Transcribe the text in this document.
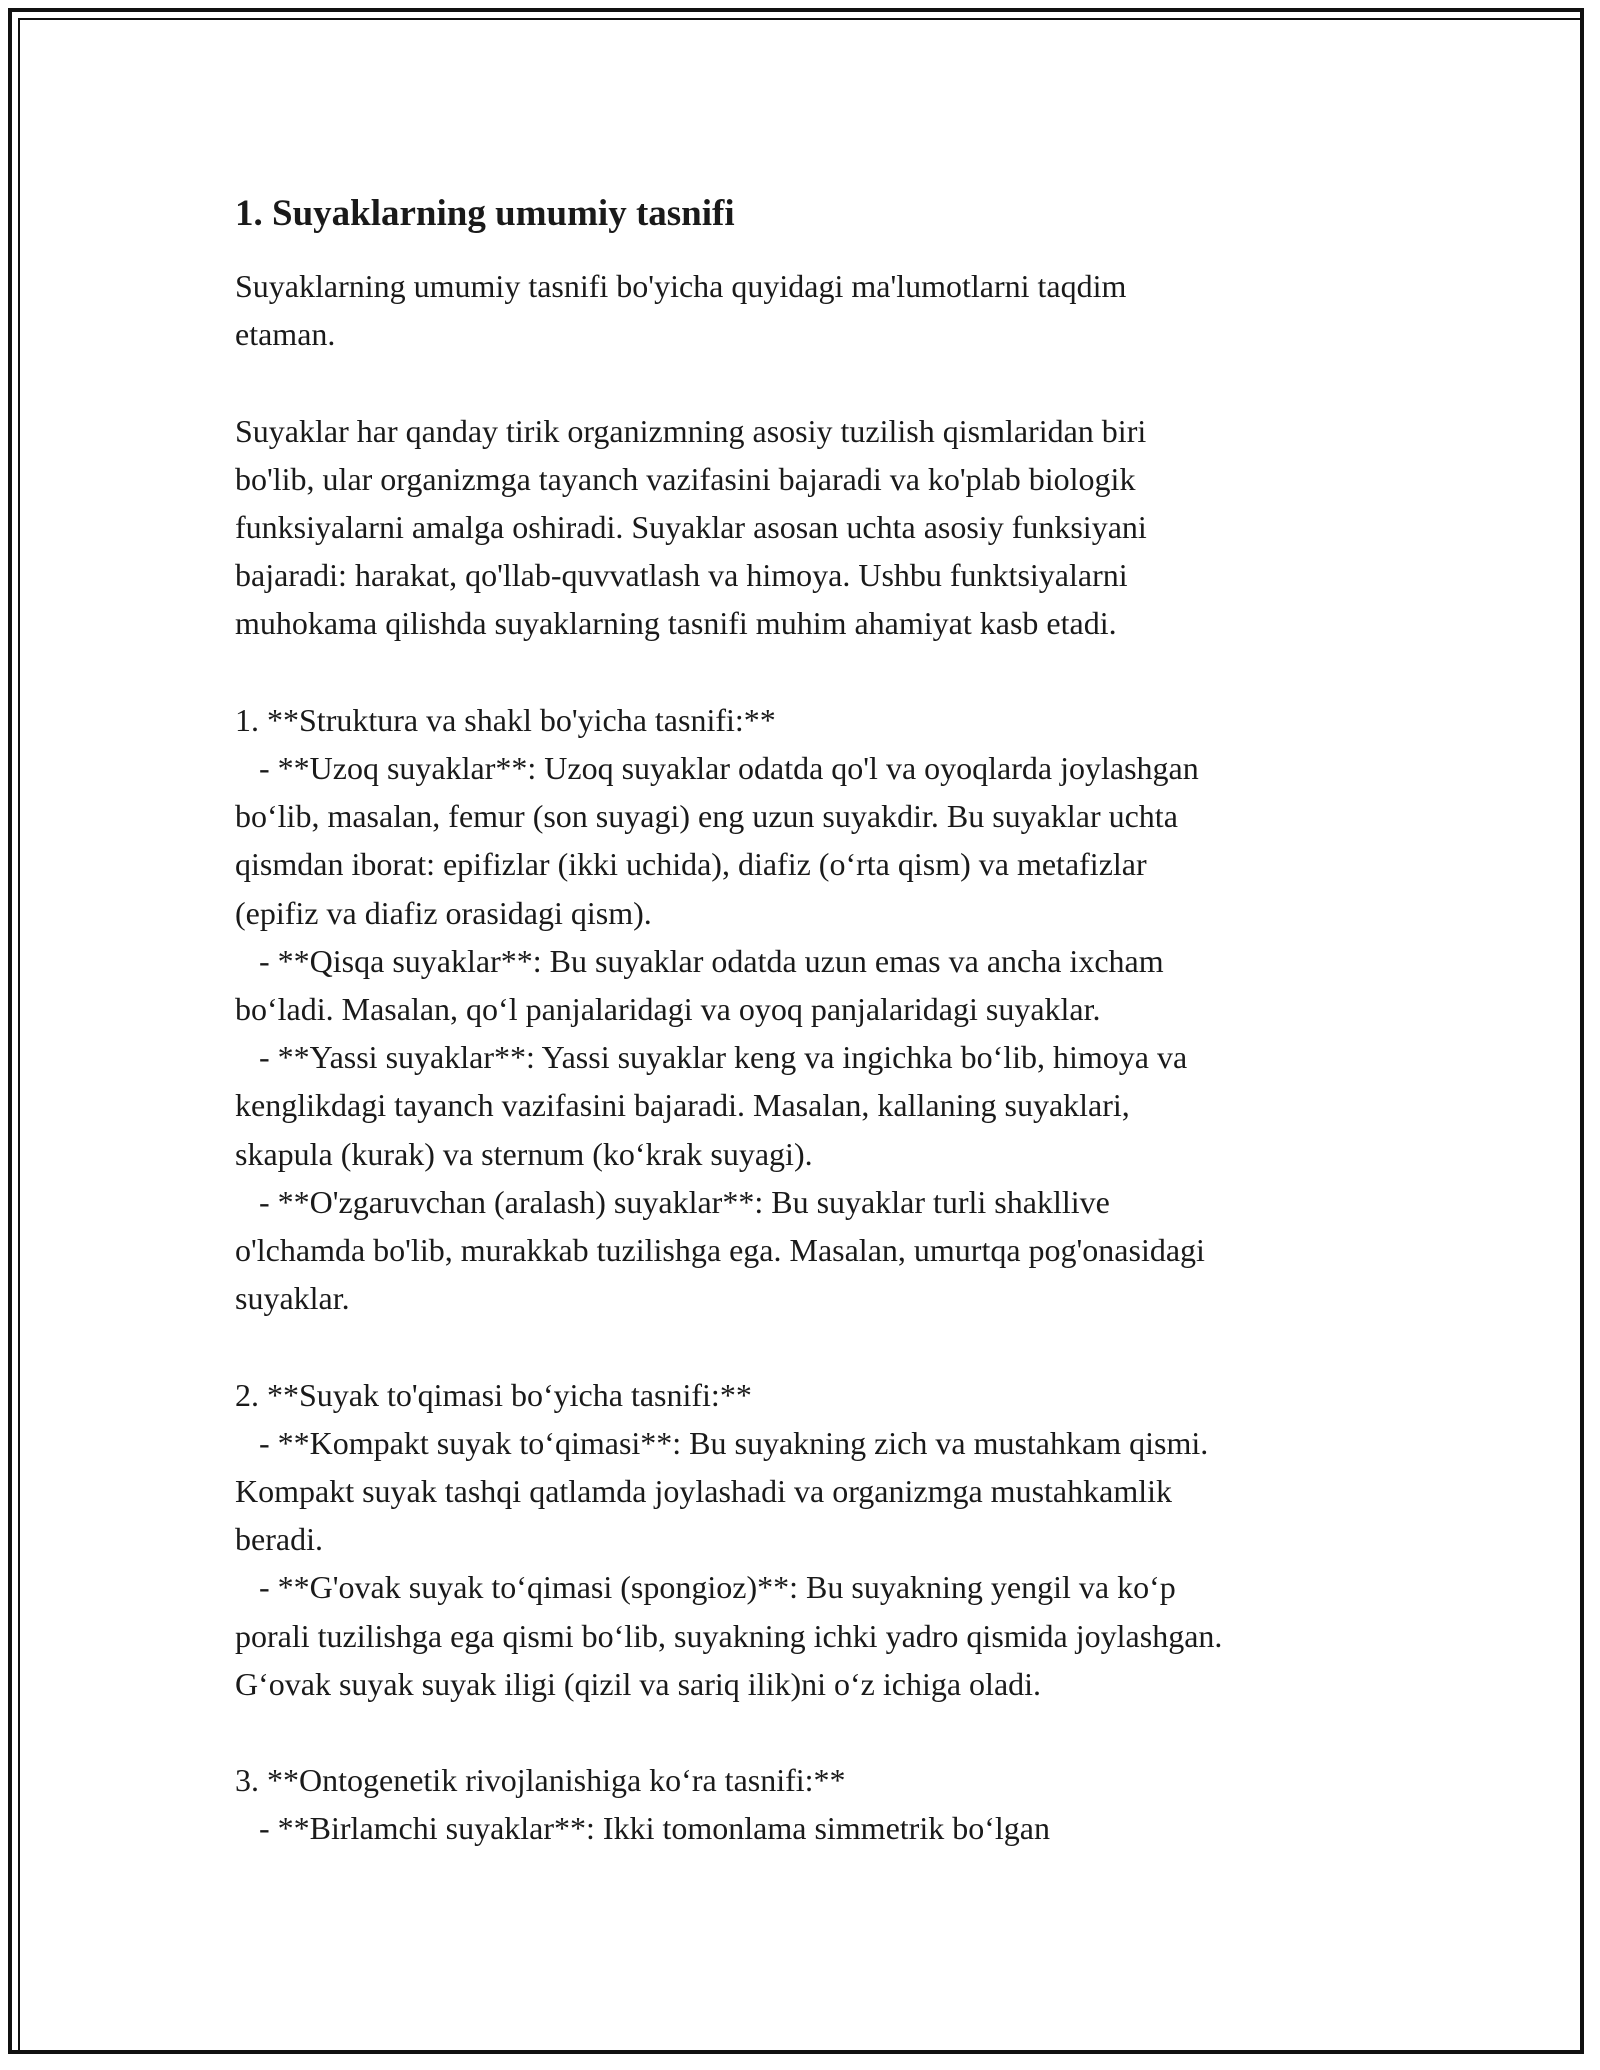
1. Suyaklarning umumiy tasnifi
Suyaklarning umumiy tasnifi bo'yicha quyidagi ma'lumotlarni taqdim
etaman.
Suyaklar har qanday tirik organizmning asosiy tuzilish qismlaridan biri
bo'lib, ular organizmga tayanch vazifasini bajaradi va ko'plab biologik
funksiyalarni amalga oshiradi. Suyaklar asosan uchta asosiy funksiyani
bajaradi: harakat, qo'llab-quvvatlash va himoya. Ushbu funktsiyalarni
muhokama qilishda suyaklarning tasnifi muhim ahamiyat kasb etadi.
1. **Struktura va shakl bo'yicha tasnifi:**
- **Uzoq suyaklar**: Uzoq suyaklar odatda qo'l va oyoqlarda joylashgan
bo‘lib, masalan, femur (son suyagi) eng uzun suyakdir. Bu suyaklar uchta
qismdan iborat: epifizlar (ikki uchida), diafiz (o‘rta qism) va metafizlar
(epifiz va diafiz orasidagi qism).
- **Qisqa suyaklar**: Bu suyaklar odatda uzun emas va ancha ixcham
bo‘ladi. Masalan, qo‘l panjalaridagi va oyoq panjalaridagi suyaklar.
- **Yassi suyaklar**: Yassi suyaklar keng va ingichka bo‘lib, himoya va
kenglikdagi tayanch vazifasini bajaradi. Masalan, kallaning suyaklari,
skapula (kurak) va sternum (ko‘krak suyagi).
- **O'zgaruvchan (aralash) suyaklar**: Bu suyaklar turli shakllive
o'lchamda bo'lib, murakkab tuzilishga ega. Masalan, umurtqa pog'onasidagi
suyaklar.
2. **Suyak to'qimasi bo‘yicha tasnifi:**
- **Kompakt suyak to‘qimasi**: Bu suyakning zich va mustahkam qismi.
Kompakt suyak tashqi qatlamda joylashadi va organizmga mustahkamlik
beradi.
- **G'ovak suyak to‘qimasi (spongioz)**: Bu suyakning yengil va ko‘p
porali tuzilishga ega qismi bo‘lib, suyakning ichki yadro qismida joylashgan.
G‘ovak suyak suyak iligi (qizil va sariq ilik)ni o‘z ichiga oladi.
3. **Ontogenetik rivojlanishiga ko‘ra tasnifi:**
- **Birlamchi suyaklar**: Ikki tomonlama simmetrik bo‘lgan
